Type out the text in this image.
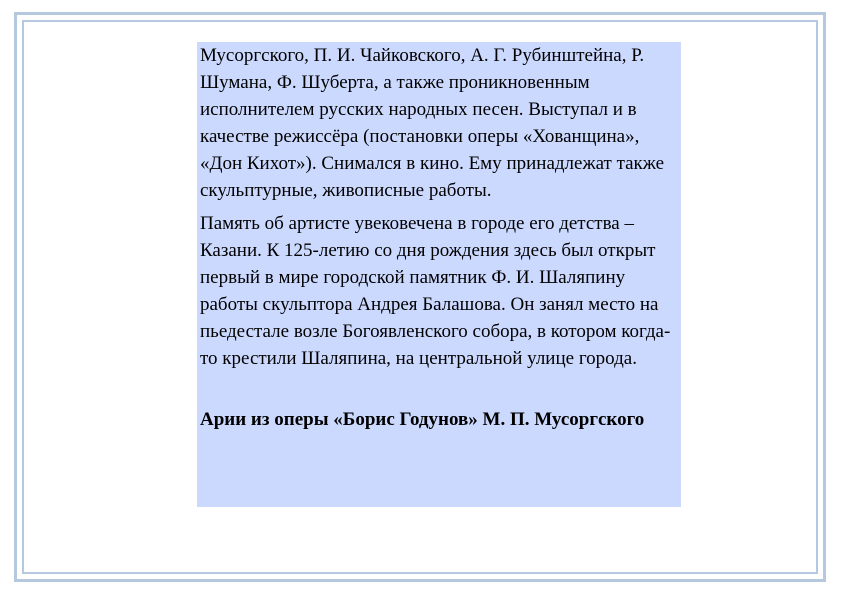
Мусоргского, П. И. Чайковского, А. Г. Рубинштейна, Р. Шумана, Ф. Шуберта, а также проникновенным исполнителем русских народных песен. Выступал и в качестве режиссёра (постановки оперы «Хованщина», «Дон Кихот»). Снимался в кино. Ему принадлежат также скульптурные, живописные работы.

Память об артисте увековечена в городе его детства – Казани. К 125-летию со дня рождения здесь был открыт первый в мире городской памятник Ф. И. Шаляпину работы скульптора Андрея Балашова. Он занял место на пьедестале возле Богоявленского собора, в котором когда-то крестили Шаляпина, на центральной улице города.

Арии из оперы «Борис Годунов» М. П. Мусоргского
